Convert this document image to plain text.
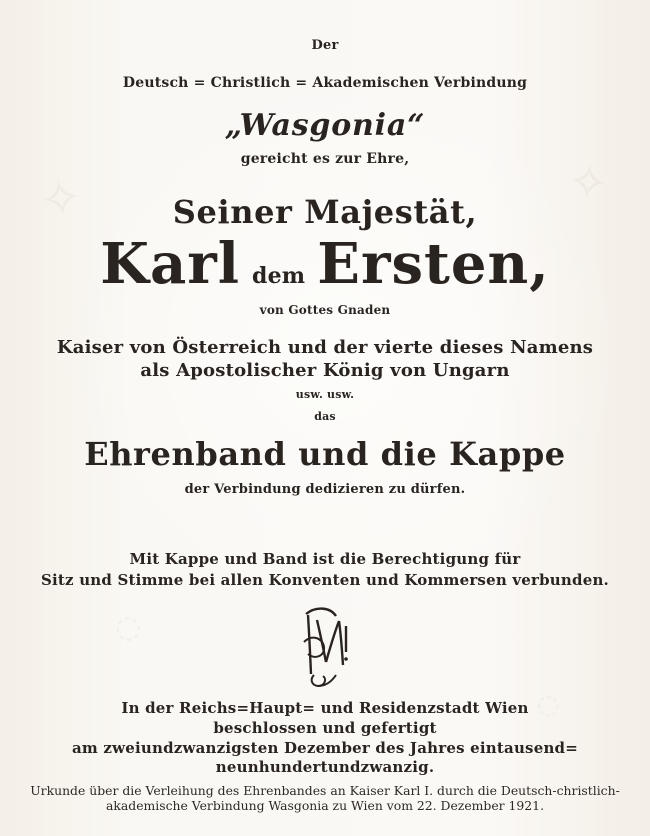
✧	✧
◌
◌
Der
Deutsch = Christlich = Akademischen Verbindung
„Wasgonia“
gereicht es zur Ehre,
Seiner Majestät,
Karl dem Ersten,
von Gottes Gnaden
Kaiser von Österreich und der vierte dieses Namens
als Apostolischer König von Ungarn
usw. usw.
das
Ehrenband und die Kappe
der Verbindung dedizieren zu dürfen.
Mit Kappe und Band ist die Berechtigung für
Sitz und Stimme bei allen Konventen und Kommersen verbunden.
In der Reichs=Haupt= und Residenzstadt Wien
beschlossen und gefertigt
am zweiundzwanzigsten Dezember des Jahres eintausend=
neunhundertundzwanzig.
Urkunde über die Verleihung des Ehrenbandes an Kaiser Karl I. durch die Deutsch-christlich-
akademische Verbindung Wasgonia zu Wien vom 22. Dezember 1921.
